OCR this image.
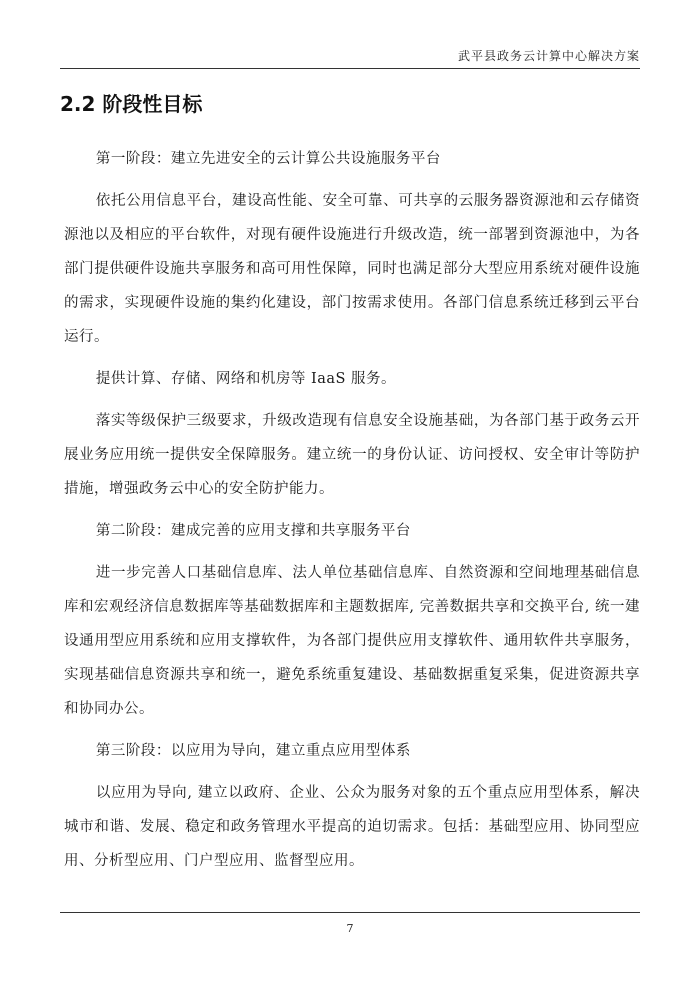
武平县政务云计算中心解决方案
2.2 阶段性目标

第一阶段：建立先进安全的云计算公共设施服务平台

依托公用信息平台，建设高性能、安全可靠、可共享的云服务器资源池和云存储资源池以及相应的平台软件，对现有硬件设施进行升级改造，统一部署到资源池中，为各部门提供硬件设施共享服务和高可用性保障，同时也满足部分大型应用系统对硬件设施的需求，实现硬件设施的集约化建设，部门按需求使用。各部门信息系统迁移到云平台运行。

提供计算、存储、网络和机房等 IaaS 服务。

落实等级保护三级要求，升级改造现有信息安全设施基础，为各部门基于政务云开展业务应用统一提供安全保障服务。建立统一的身份认证、访问授权、安全审计等防护措施，增强政务云中心的安全防护能力。

第二阶段：建成完善的应用支撑和共享服务平台

进一步完善人口基础信息库、法人单位基础信息库、自然资源和空间地理基础信息库和宏观经济信息数据库等基础数据库和主题数据库, 完善数据共享和交换平台, 统一建设通用型应用系统和应用支撑软件，为各部门提供应用支撑软件、通用软件共享服务，实现基础信息资源共享和统一，避免系统重复建设、基础数据重复采集，促进资源共享和协同办公。

第三阶段：以应用为导向，建立重点应用型体系

以应用为导向, 建立以政府、企业、公众为服务对象的五个重点应用型体系，解决城市和谐、发展、稳定和政务管理水平提高的迫切需求。包括：基础型应用、协同型应用、分析型应用、门户型应用、监督型应用。

7
